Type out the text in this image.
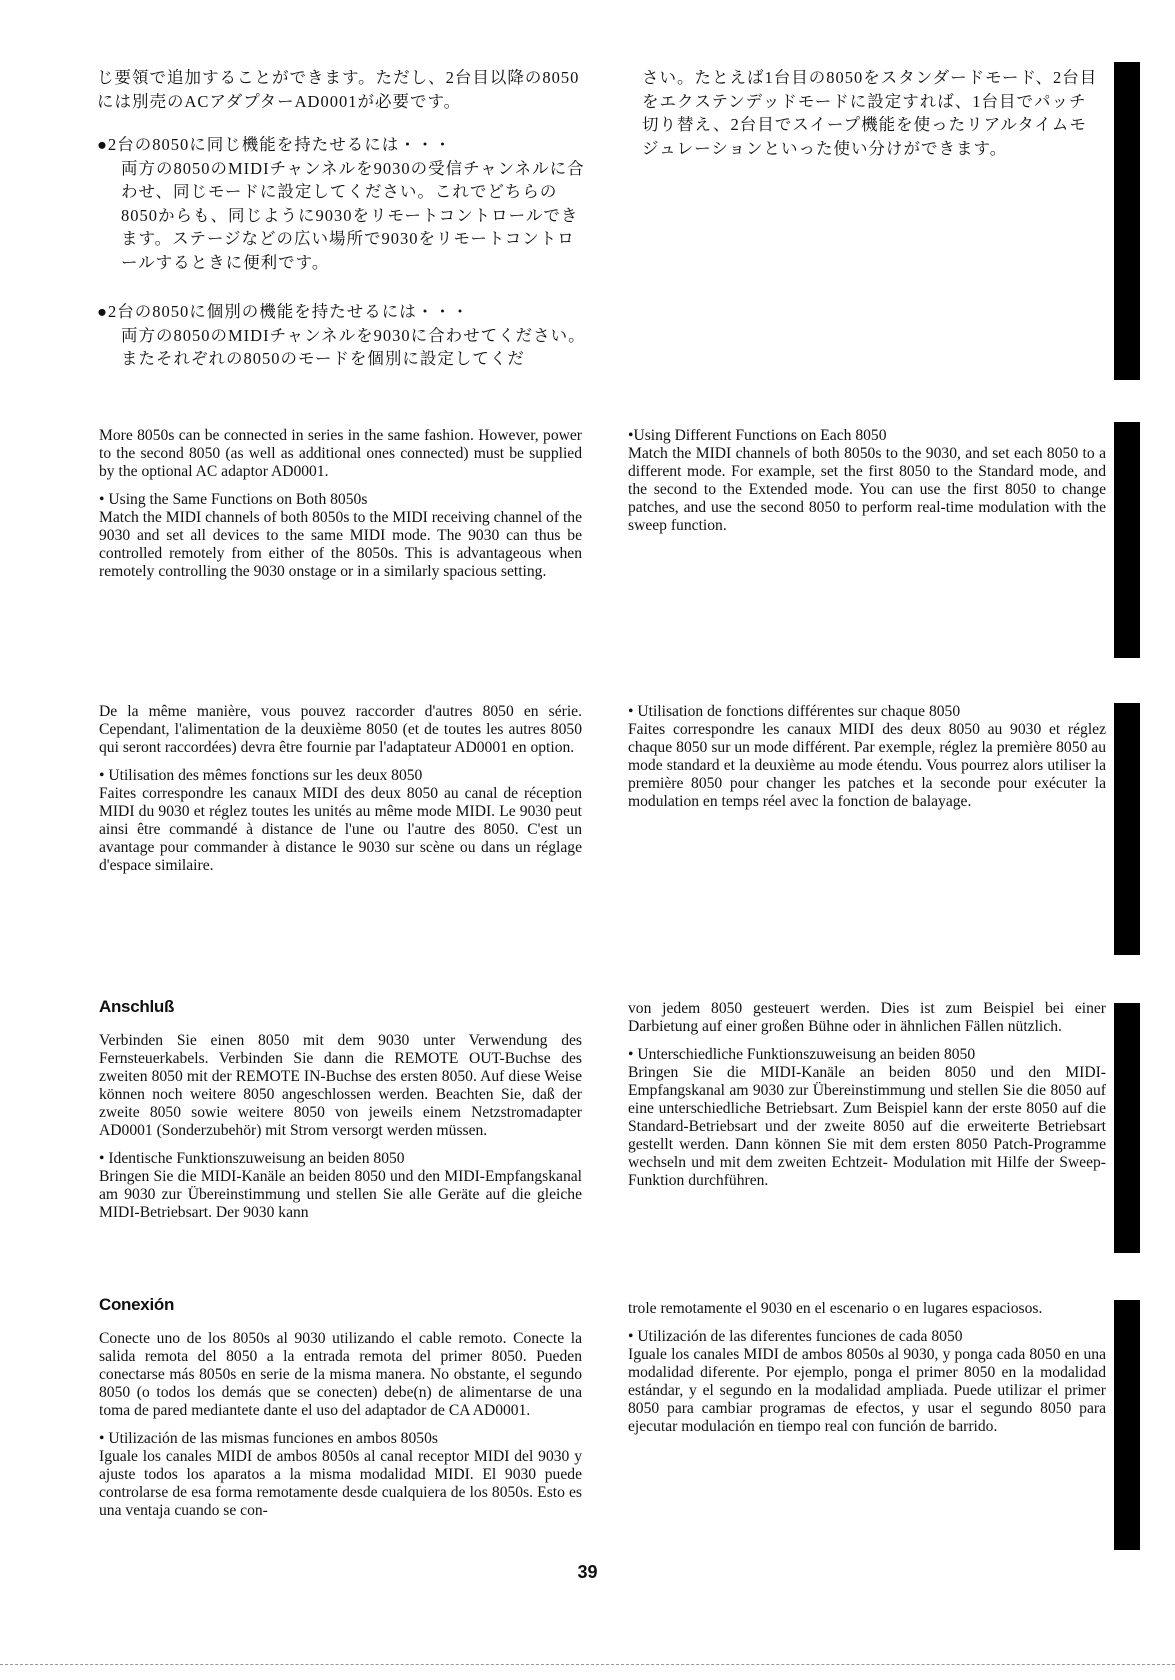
じ要領で追加することができます。ただし、2台目以降の8050には別売のACアダプターAD0001が必要です。

●2台の8050に同じ機能を持たせるには・・・

両方の8050のMIDIチャンネルを9030の受信チャンネルに合わせ、同じモードに設定してください。これでどちらの8050からも、同じように9030をリモートコントロールできます。ステージなどの広い場所で9030をリモートコントロールするときに便利です。

●2台の8050に個別の機能を持たせるには・・・

両方の8050のMIDIチャンネルを9030に合わせてください。またそれぞれの8050のモードを個別に設定してくだ

さい。たとえば1台目の8050をスタンダードモード、2台目をエクステンデッドモードに設定すれば、1台目でパッチ切り替え、2台目でスイープ機能を使ったリアルタイムモジュレーションといった使い分けができます。

More 8050s can be connected in series in the same fashion. However, power to the second 8050 (as well as additional ones connected) must be supplied by the optional AC adaptor AD0001.

• Using the Same Functions on Both 8050s

Match the MIDI channels of both 8050s to the MIDI receiving channel of the 9030 and set all devices to the same MIDI mode. The 9030 can thus be controlled remotely from either of the 8050s. This is advantageous when remotely controlling the 9030 onstage or in a similarly spacious setting.

•Using Different Functions on Each 8050

Match the MIDI channels of both 8050s to the 9030, and set each 8050 to a different mode. For example, set the first 8050 to the Standard mode, and the second to the Extended mode. You can use the first 8050 to change patches, and use the second 8050 to perform real-time modulation with the sweep function.

De la même manière, vous pouvez raccorder d'autres 8050 en série. Cependant, l'alimentation de la deuxième 8050 (et de toutes les autres 8050 qui seront raccordées) devra être fournie par l'adaptateur AD0001 en option.

• Utilisation des mêmes fonctions sur les deux 8050

Faites correspondre les canaux MIDI des deux 8050 au canal de réception MIDI du 9030 et réglez toutes les unités au même mode MIDI. Le 9030 peut ainsi être commandé à distance de l'une ou l'autre des 8050. C'est un avantage pour commander à distance le 9030 sur scène ou dans un réglage d'espace similaire.

• Utilisation de fonctions différentes sur chaque 8050

Faites correspondre les canaux MIDI des deux 8050 au 9030 et réglez chaque 8050 sur un mode différent. Par exemple, réglez la première 8050 au mode standard et la deuxième au mode étendu. Vous pourrez alors utiliser la première 8050 pour changer les patches et la seconde pour exécuter la modulation en temps réel avec la fonction de balayage.

Anschluß

Verbinden Sie einen 8050 mit dem 9030 unter Verwendung des Fernsteuerkabels. Verbinden Sie dann die REMOTE OUT-Buchse des zweiten 8050 mit der REMOTE IN-Buchse des ersten 8050. Auf diese Weise können noch weitere 8050 angeschlossen werden. Beachten Sie, daß der zweite 8050 sowie weitere 8050 von jeweils einem Netzstromadapter AD0001 (Sonderzubehör) mit Strom versorgt werden müssen.

• Identische Funktionszuweisung an beiden 8050

Bringen Sie die MIDI-Kanäle an beiden 8050 und den MIDI-Empfangskanal am 9030 zur Übereinstimmung und stellen Sie alle Geräte auf die gleiche MIDI-Betriebsart. Der 9030 kann

von jedem 8050 gesteuert werden. Dies ist zum Beispiel bei einer Darbietung auf einer großen Bühne oder in ähnlichen Fällen nützlich.

• Unterschiedliche Funktionszuweisung an beiden 8050

Bringen Sie die MIDI-Kanäle an beiden 8050 und den MIDI-Empfangskanal am 9030 zur Übereinstimmung und stellen Sie die 8050 auf eine unterschiedliche Betriebsart. Zum Beispiel kann der erste 8050 auf die Standard-Betriebsart und der zweite 8050 auf die erweiterte Betriebsart gestellt werden. Dann können Sie mit dem ersten 8050 Patch-Programme wechseln und mit dem zweiten Echtzeit- Modulation mit Hilfe der Sweep-Funktion durchführen.

Conexión

Conecte uno de los 8050s al 9030 utilizando el cable remoto. Conecte la salida remota del 8050 a la entrada remota del primer 8050. Pueden conectarse más 8050s en serie de la misma manera. No obstante, el segundo 8050 (o todos los demás que se conecten) debe(n) de alimentarse de una toma de pared mediantete dante el uso del adaptador de CA AD0001.

• Utilización de las mismas funciones en ambos 8050s

Iguale los canales MIDI de ambos 8050s al canal receptor MIDI del 9030 y ajuste todos los aparatos a la misma modalidad MIDI. El 9030 puede controlarse de esa forma remotamente desde cualquiera de los 8050s. Esto es una ventaja cuando se con-

trole remotamente el 9030 en el escenario o en lugares espaciosos.

• Utilización de las diferentes funciones de cada 8050

Iguale los canales MIDI de ambos 8050s al 9030, y ponga cada 8050 en una modalidad diferente. Por ejemplo, ponga el primer 8050 en la modalidad estándar, y el segundo en la modalidad ampliada. Puede utilizar el primer 8050 para cambiar programas de efectos, y usar el segundo 8050 para ejecutar modulación en tiempo real con función de barrido.

39
